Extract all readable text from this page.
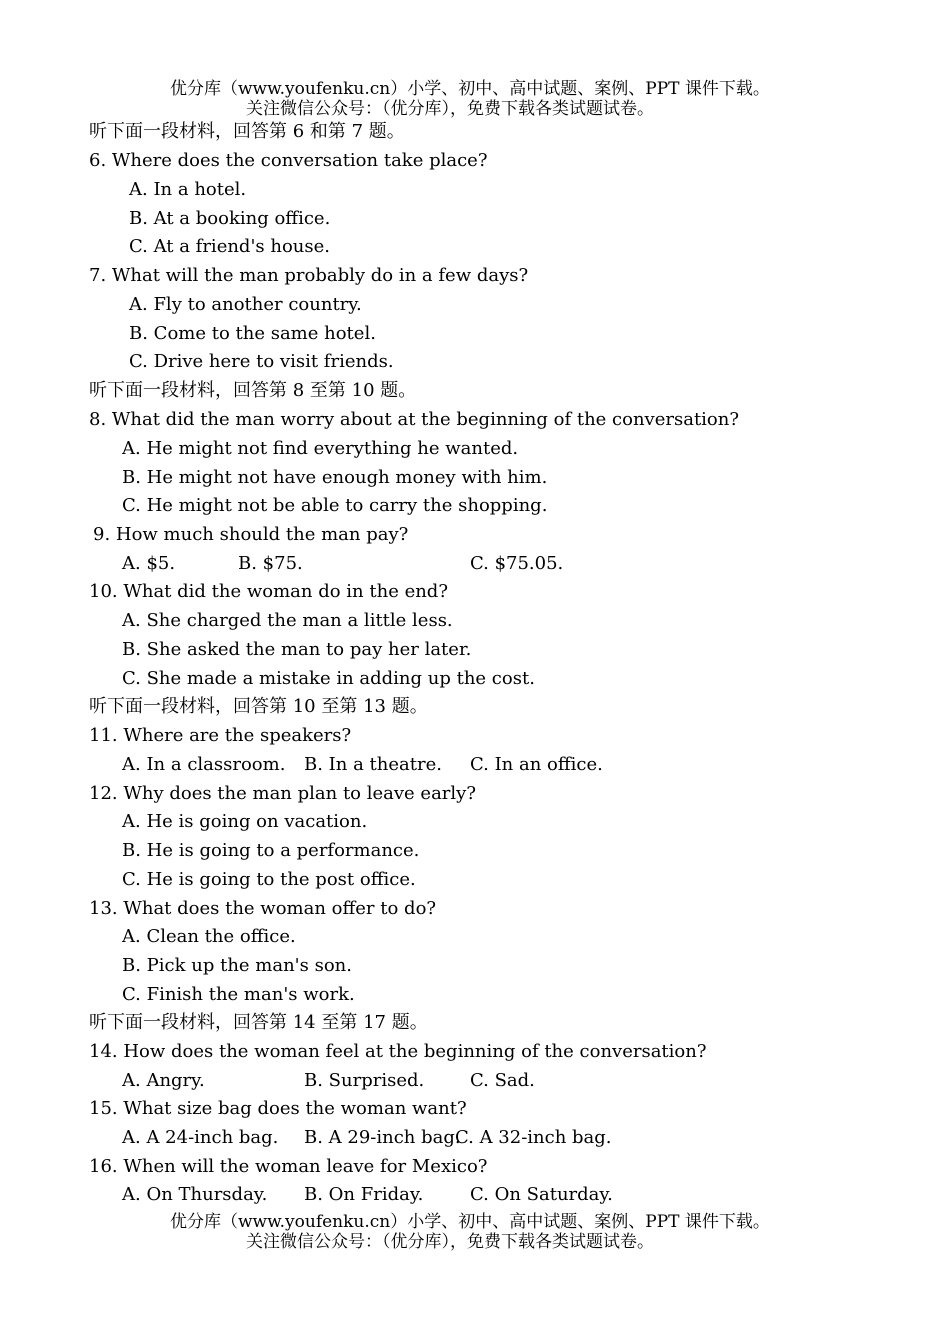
优分库（www.youfenku.cn）小学、初中、高中试题、案例、PPT 课件下载。
关注微信公众号：（优分库），免费下载各类试题试卷。
听下面一段材料，回答第 6 和第 7 题。
6. Where does the conversation take place?
A. In a hotel.
B. At a booking office.
C. At a friend's house.
7. What will the man probably do in a few days?
A. Fly to another country.
B. Come to the same hotel.
C. Drive here to visit friends.
听下面一段材料，回答第 8 至第 10 题。
8. What did the man worry about at the beginning of the conversation?
A. He might not find everything he wanted.
B. He might not have enough money with him.
C. He might not be able to carry the shopping.
9. How much should the man pay?
A. $5.	B. $75.	C. $75.05.
10. What did the woman do in the end?
A. She charged the man a little less.
B. She asked the man to pay her later.
C. She made a mistake in adding up the cost.
听下面一段材料，回答第 10 至第 13 题。
11. Where are the speakers?
A. In a classroom. B. In a theatre. C. In an office.
12. Why does the man plan to leave early?
A. He is going on vacation.
B. He is going to a performance.
C. He is going to the post office.
13. What does the woman offer to do?
A. Clean the office.
B. Pick up the man's son.
C. Finish the man's work.
听下面一段材料，回答第 14 至第 17 题。
14. How does the woman feel at the beginning of the conversation?
A. Angry.	B. Surprised.	C. Sad.
15. What size bag does the woman want?
A. A 24-inch bag. B. A 29-inch bag.
C. A 32-inch bag.
16. When will the woman leave for Mexico?
A. On Thursday. B. On Friday.	C. On Saturday.
优分库（www.youfenku.cn）小学、初中、高中试题、案例、PPT 课件下载。
关注微信公众号：（优分库），免费下载各类试题试卷。
